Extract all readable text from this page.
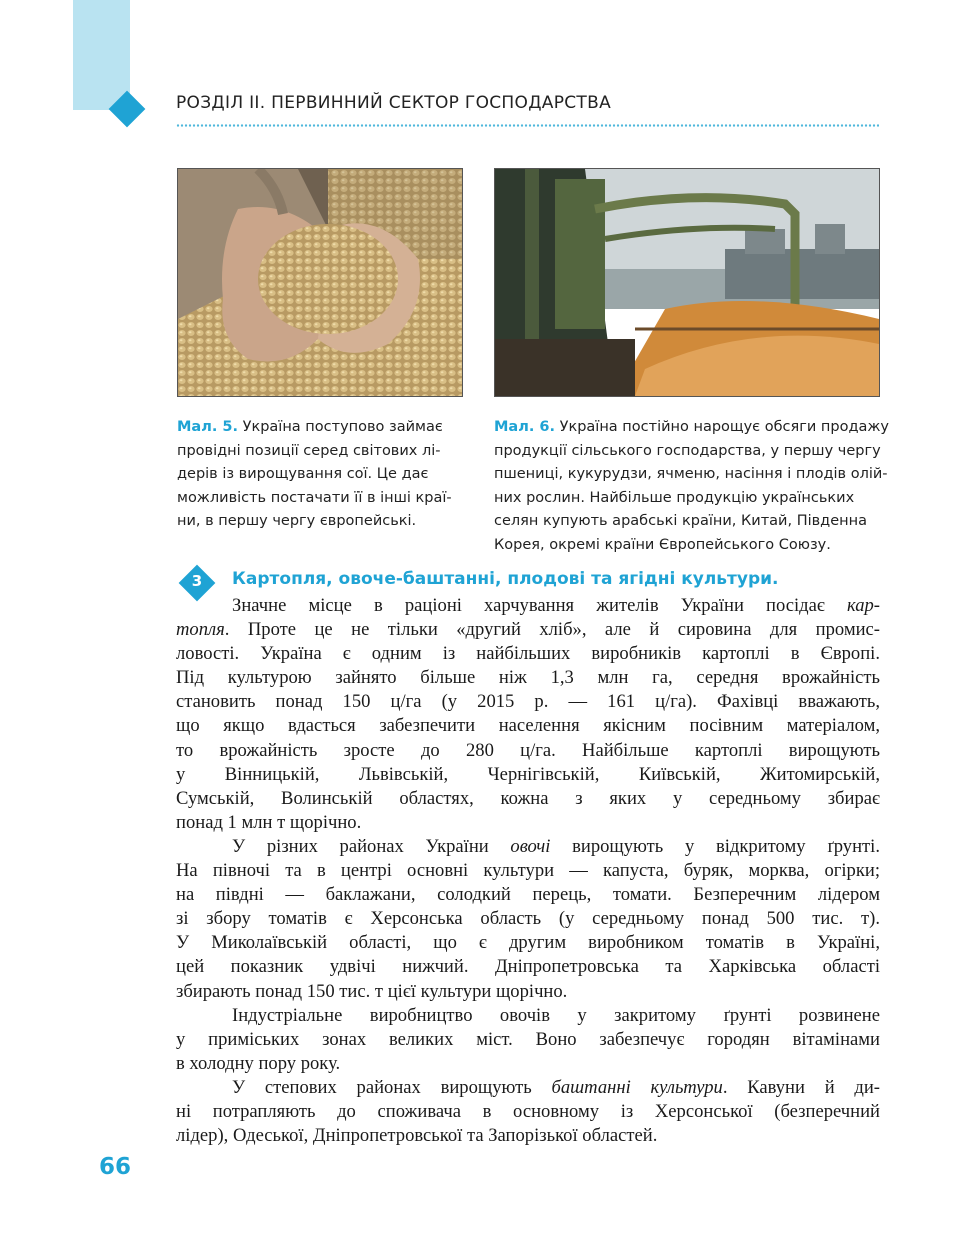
РОЗДІЛ ІІ. ПЕРВИННИЙ СЕКТОР ГОСПОДАРСТВА
Мал. 5. Україна поступово займає
провідні позиції серед світових лі-
дерів із вирощування сої. Це дає
можливість постачати її в інші краї-
ни, в першу чергу європейські.
Мал. 6. Україна постійно нарощує обсяги продажу
продукції сільського господарства, у першу чергу
пшениці, кукурудзи, ячменю, насіння і плодів олій-
них рослин. Найбільше продукцію українських
селян купують арабські країни, Китай, Південна
Корея, окремі країни Європейського Союзу.
3	Картопля, овоче-баштанні, плодові та ягідні культури.
Значне місце в раціоні харчування жителів України посідає кар-
топля. Проте це не тільки «другий хліб», але й сировина для промис-
ловості. Україна є одним із найбільших виробників картоплі в Європі.
Під культурою зайнято більше ніж 1,3 млн га, середня врожайність
становить понад 150 ц/га (у 2015 р. — 161 ц/га). Фахівці вважають,
що якщо вдасться забезпечити населення якісним посівним матеріалом,
то врожайність зросте до 280 ц/га. Найбільше картоплі вирощують
у Вінницькій, Львівській, Чернігівській, Київській, Житомирській,
Сумській, Волинській областях, кожна з яких у середньому збирає
понад 1 млн т щорічно.
У різних районах України овочі вирощують у відкритому ґрунті.
На півночі та в центрі основні культури — капуста, буряк, морква, огірки;
на півдні — баклажани, солодкий перець, томати. Безперечним лідером
зі збору томатів є Херсонська область (у середньому понад 500 тис. т).
У Миколаївській області, що є другим виробником томатів в Україні,
цей показник удвічі нижчий. Дніпропетровська та Харківська області
збирають понад 150 тис. т цієї культури щорічно.
Індустріальне виробництво овочів у закритому ґрунті розвинене
у приміських зонах великих міст. Воно забезпечує городян вітамінами
в холодну пору року.
У степових районах вирощують баштанні культури. Кавуни й ди-
ні потрапляють до споживача в основному із Херсонської (безперечний
лідер), Одеської, Дніпропетровської та Запорізької областей.
66
